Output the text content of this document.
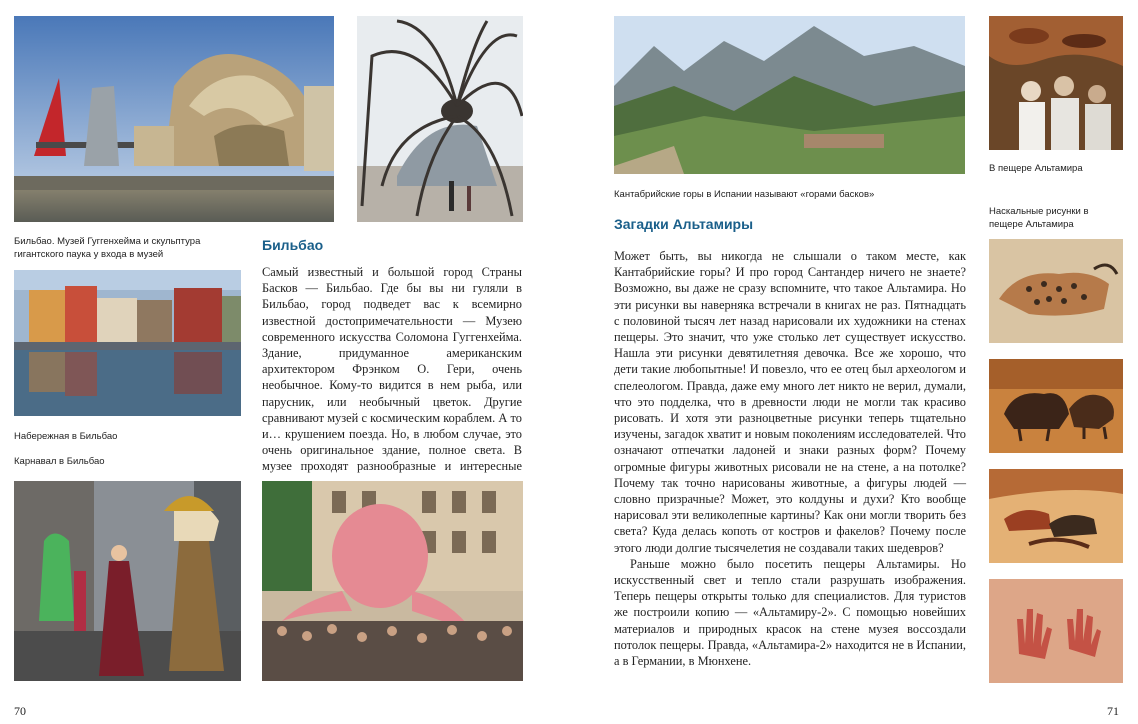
Бильбао. Музей Гуггенхейма и скульптура гигантского паука у входа в музей
Набережная в Бильбао
Карнавал в Бильбао
Бильбао

Самый известный и большой город Страны Басков — Бильбао. Где бы вы ни гуляли в Бильбао, город подведет вас к всемирно известной достопримечательности — Музею современного искусства Соломона Гуггенхейма. Здание, придуманное американским архитектором Фрэнком О. Гери, очень необычное. Кому-то видится в нем рыба, или парусник, или необычный цветок. Другие сравнивают музей с космическим кораблем. А то и… крушением поезда. Но, в любом случае, это очень оригинальное здание, полное света. В музее проходят разнообразные и интересные

70
Кантабрийские горы в Испании называют «горами басков»
В пещере Альтамира
Загадки Альтамиры
Наскальные рисунки в пещере Альтамира

Может быть, вы никогда не слышали о таком месте, как Кантабрийские горы? И про город Сантандер ничего не знаете? Возможно, вы даже не сразу вспомните, что такое Альтамира. Но эти рисунки вы наверняка встречали в книгах не раз. Пятнадцать с половиной тысяч лет назад нарисовали их художники на стенах пещеры. Это значит, что уже столько лет существует искусство. Нашла эти рисунки девятилетняя девочка. Все же хорошо, что дети такие любопытные! И повезло, что ее отец был археологом и спелеологом. Правда, даже ему много лет никто не верил, думали, что это подделка, что в древности люди не могли так красиво рисовать. И хотя эти разноцветные рисунки теперь тщательно изучены, загадок хватит и новым поколениям исследователей. Что означают отпечатки ладоней и знаки разных форм? Почему огромные фигуры животных рисовали не на стене, а на потолке? Почему так точно нарисованы животные, а фигуры людей — словно призрачные? Может, это колдуны и духи? Кто вообще нарисовал эти великолепные картины? Как они могли творить без света? Куда делась копоть от костров и факелов? Почему после этого люди долгие тысячелетия не создавали таких шедевров?

Раньше можно было посетить пещеры Альтамиры. Но искусственный свет и тепло стали разрушать изображения. Теперь пещеры открыты только для специалистов. Для туристов же построили копию — «Альтамиру-2». С помощью новейших материалов и природных красок на стене музея воссоздали потолок пещеры. Правда, «Альтамира-2» находится не в Испании, а в Германии, в Мюнхене.

71
